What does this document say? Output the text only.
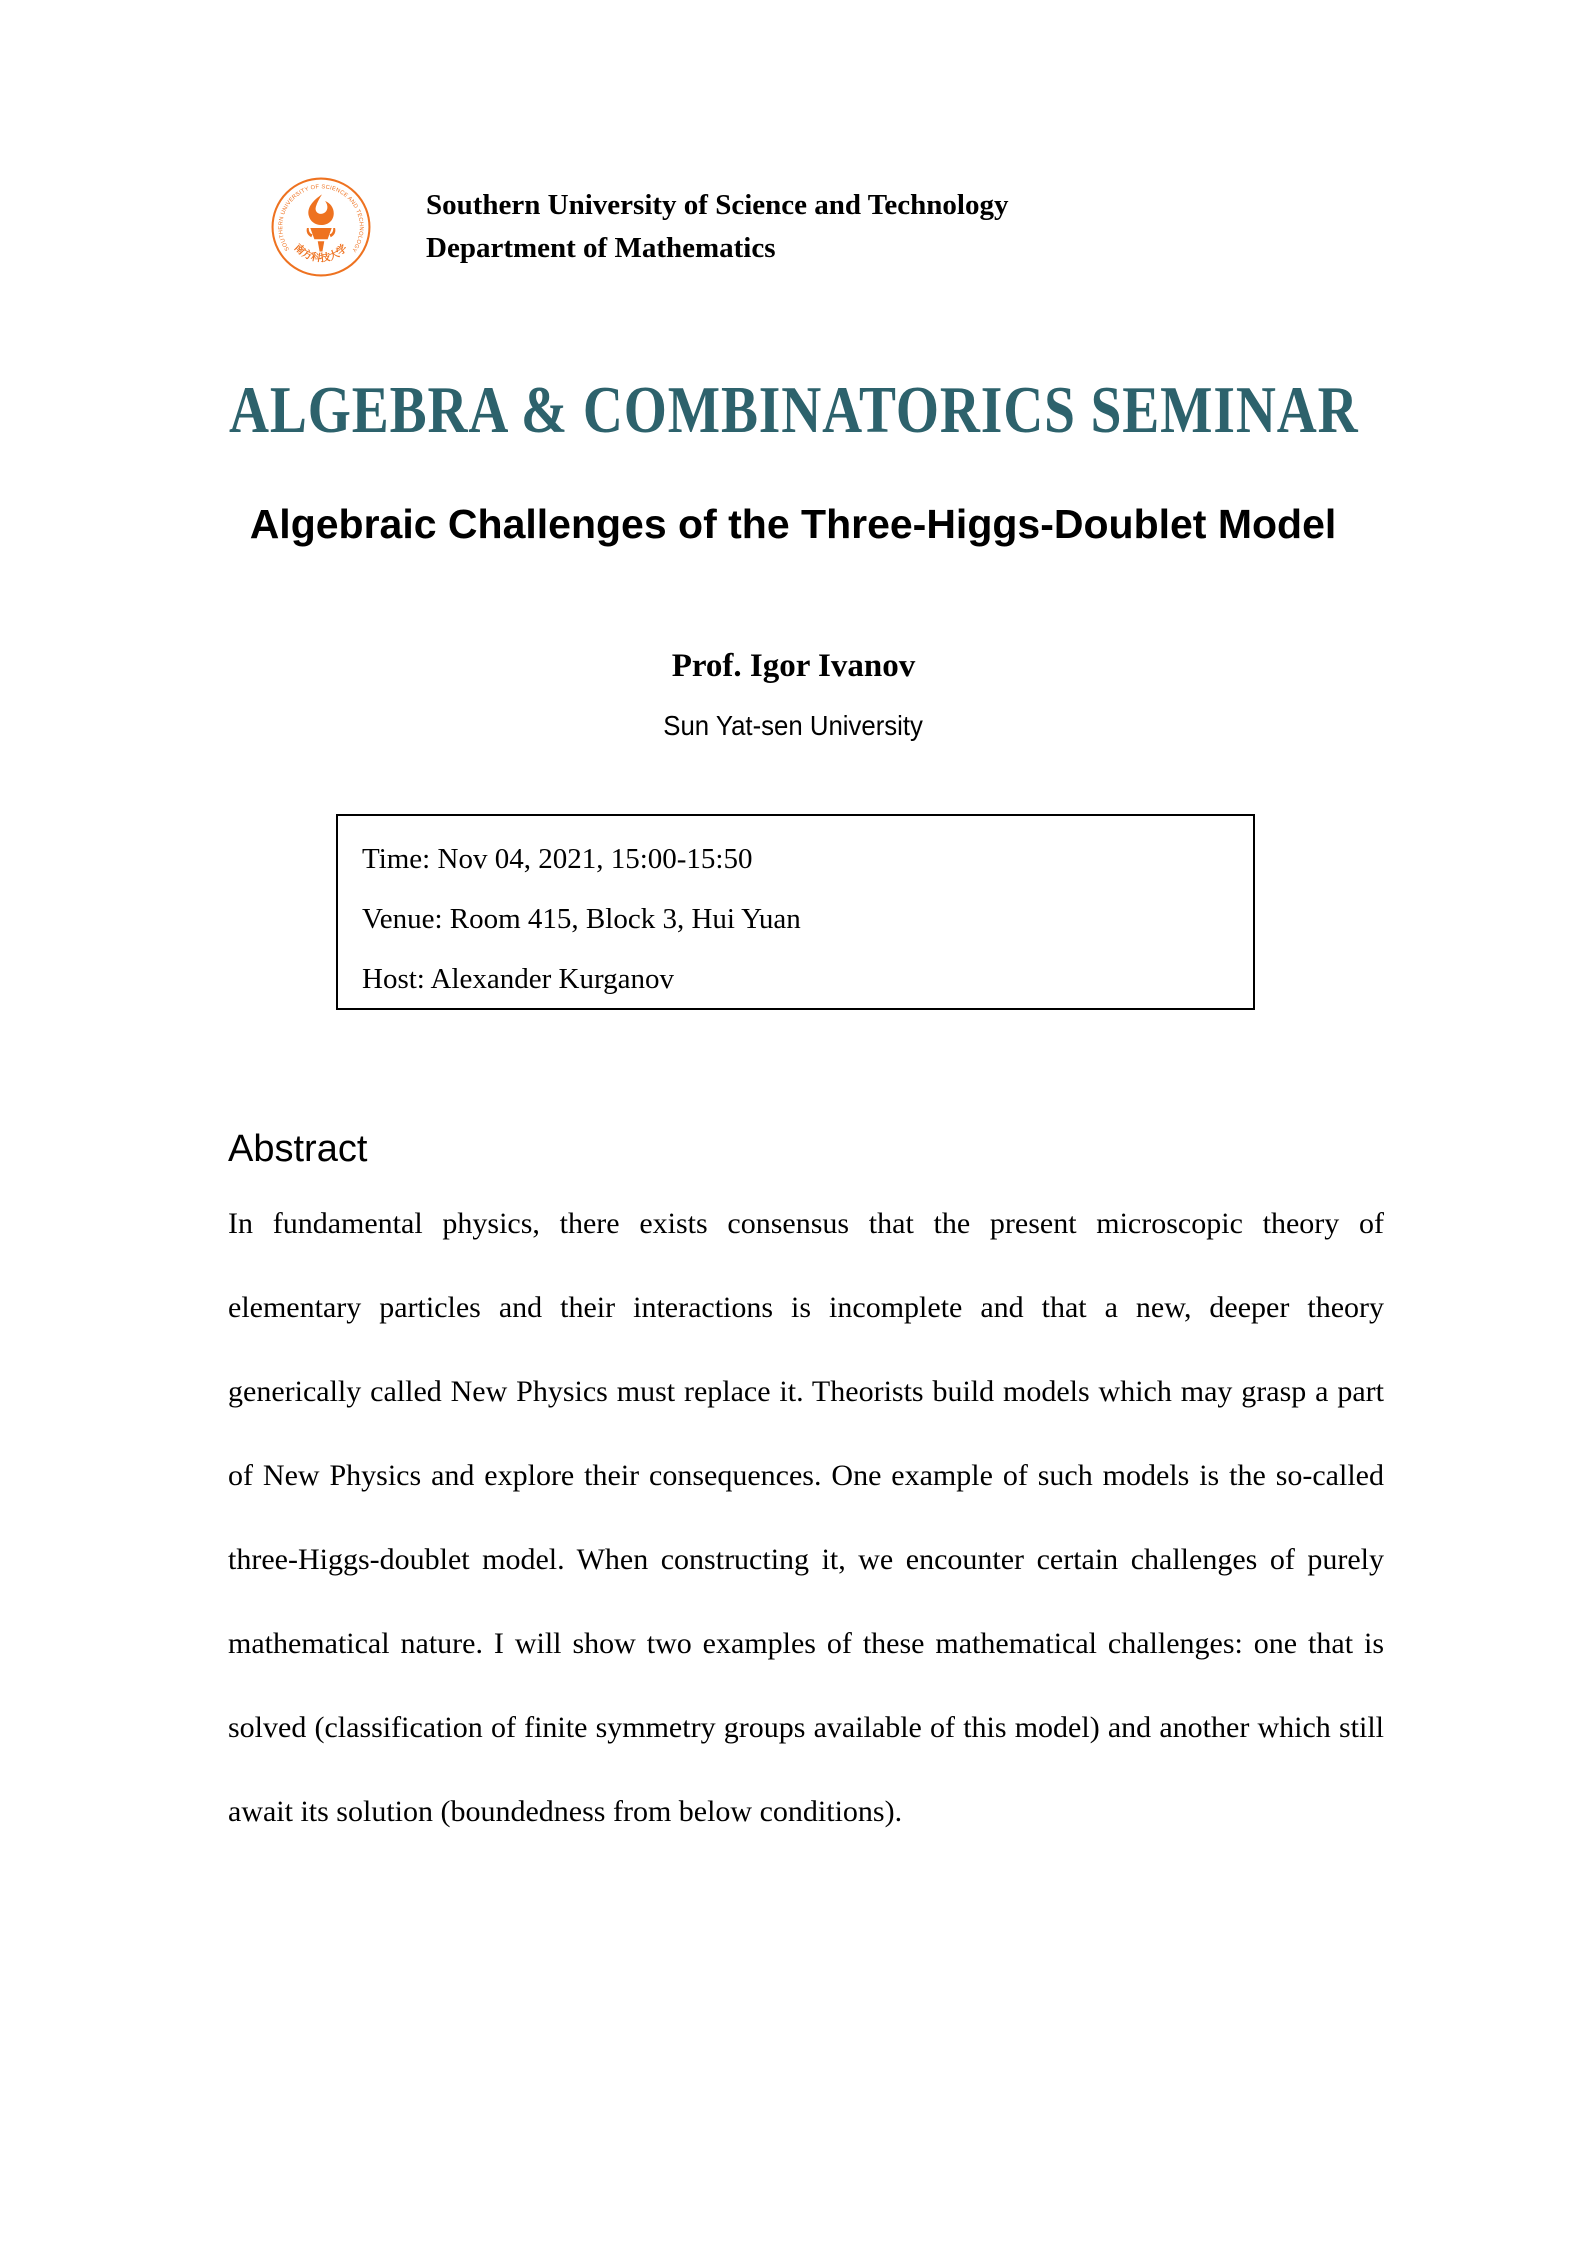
SOUTHERN UNIVERSITY OF SCIENCE AND TECHNOLOGY
南方科技大学
Southern University of Science and Technology
Department of Mathematics
ALGEBRA & COMBINATORICS SEMINAR
Algebraic Challenges of the Three-Higgs-Doublet Model
Prof. Igor Ivanov
Sun Yat-sen University
Time: Nov 04, 2021, 15:00-15:50
Venue: Room 415, Block 3, Hui Yuan
Host: Alexander Kurganov
Abstract

In fundamental physics, there exists consensus that the present microscopic theory of elementary particles and their interactions is incomplete and that a new, deeper theory generically called New Physics must replace it. Theorists build models which may grasp a part of New Physics and explore their consequences. One example of such models is the so-called three-Higgs-doublet model. When constructing it, we encounter certain challenges of purely mathematical nature. I will show two examples of these mathematical challenges: one that is solved (classification of finite symmetry groups available of this model) and another which still await its solution (boundedness from below conditions).
